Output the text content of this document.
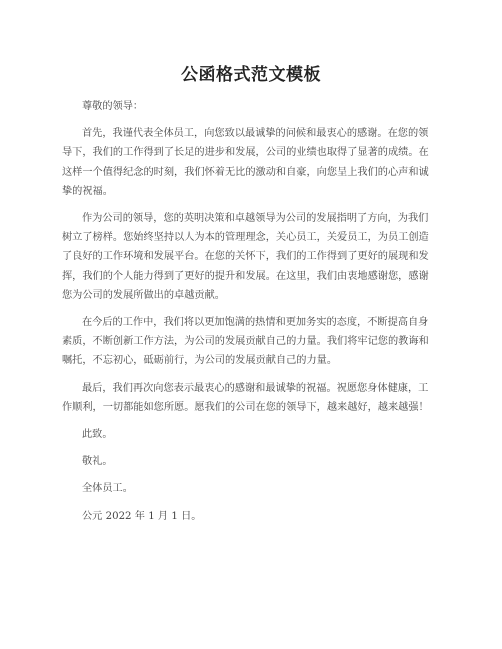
公函格式范文模板

尊敬的领导：

首先，我谨代表全体员工，向您致以最诚挚的问候和最衷心的感谢。在您的领导下，我们的工作得到了长足的进步和发展，公司的业绩也取得了显著的成绩。在这样一个值得纪念的时刻，我们怀着无比的激动和自豪，向您呈上我们的心声和诚挚的祝福。

作为公司的领导，您的英明决策和卓越领导为公司的发展指明了方向，为我们树立了榜样。您始终坚持以人为本的管理理念，关心员工，关爱员工，为员工创造了良好的工作环境和发展平台。在您的关怀下，我们的工作得到了更好的展现和发挥，我们的个人能力得到了更好的提升和发展。在这里，我们由衷地感谢您，感谢您为公司的发展所做出的卓越贡献。

在今后的工作中，我们将以更加饱满的热情和更加务实的态度，不断提高自身素质，不断创新工作方法，为公司的发展贡献自己的力量。我们将牢记您的教诲和嘱托，不忘初心，砥砺前行，为公司的发展贡献自己的力量。

最后，我们再次向您表示最衷心的感谢和最诚挚的祝福。祝愿您身体健康，工作顺利，一切都能如您所愿。愿我们的公司在您的领导下，越来越好，越来越强！

此致。

敬礼。

全体员工。

公元 2022 年 1 月 1 日。
